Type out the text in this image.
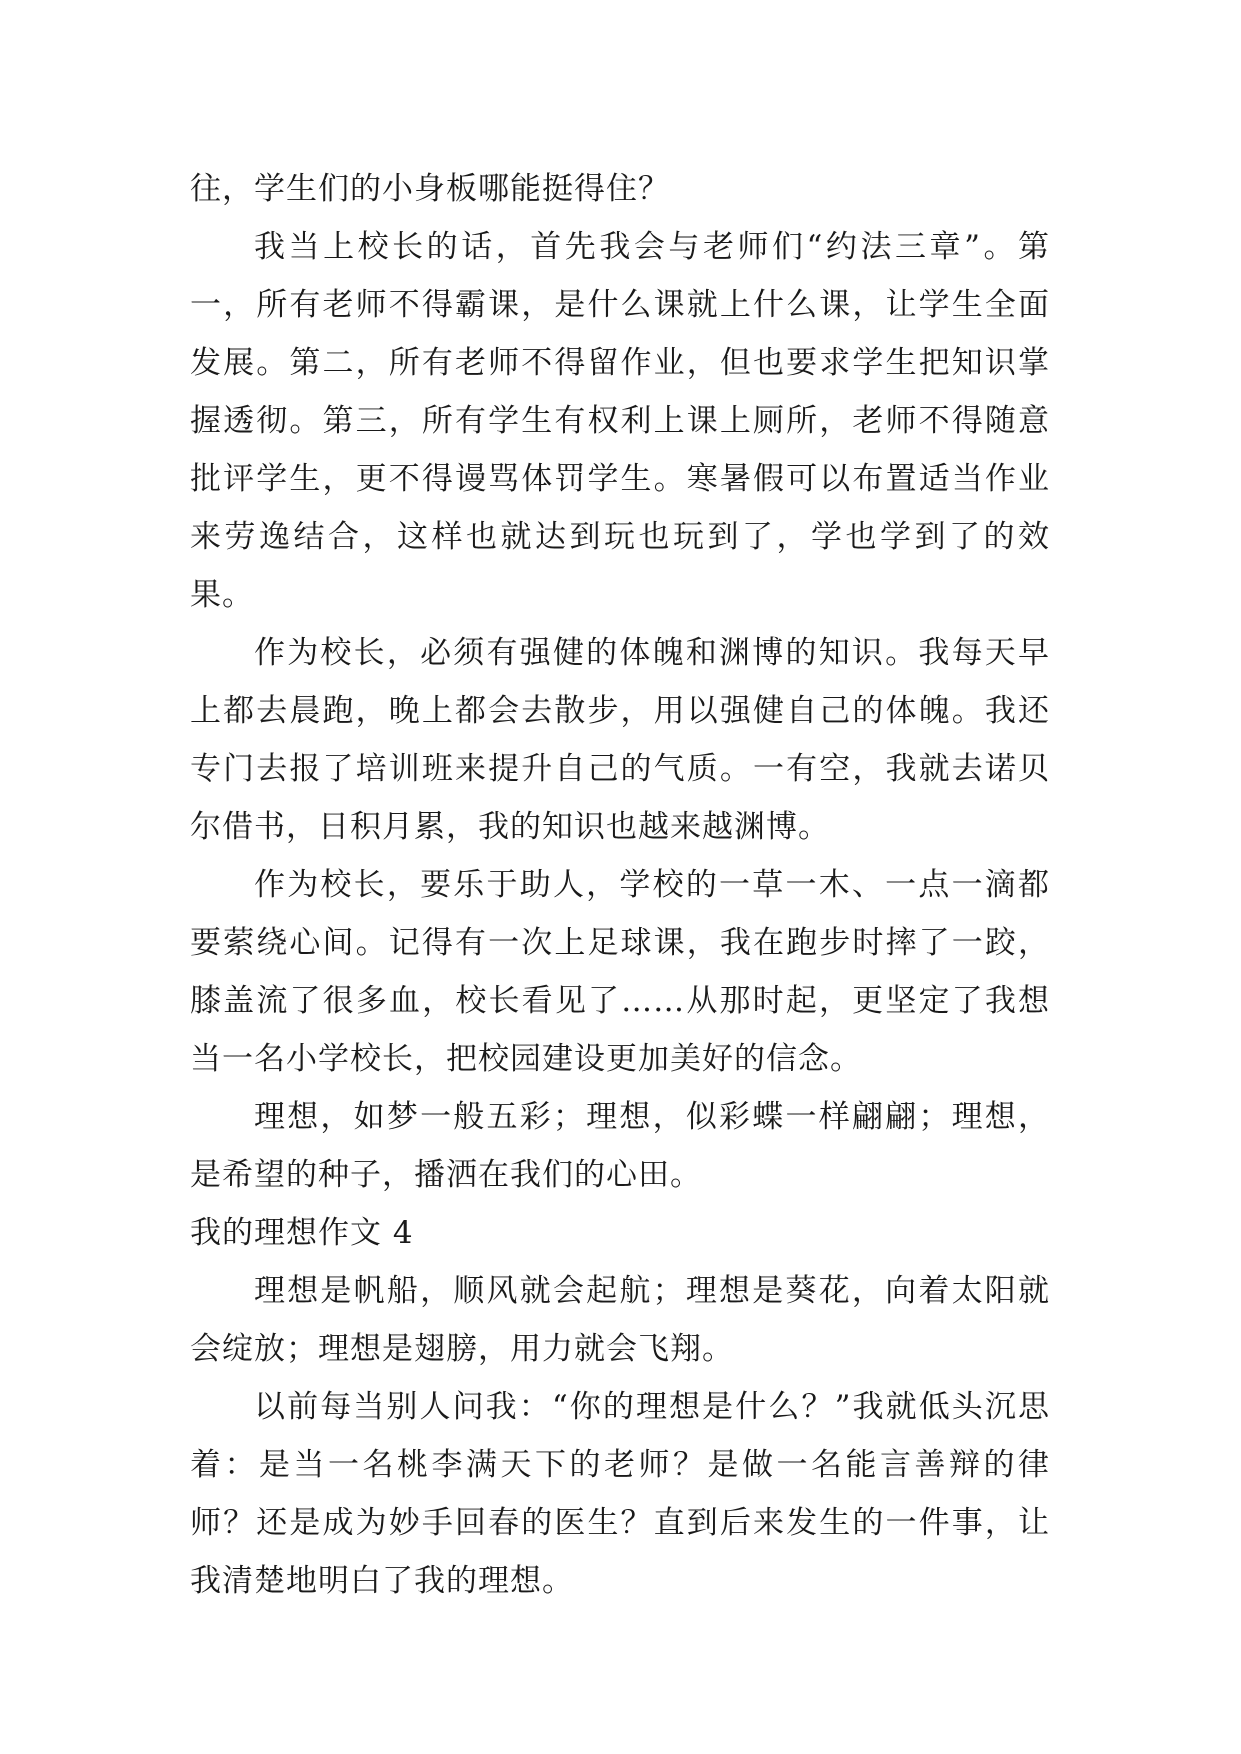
往，学生们的小身板哪能挺得住？

我当上校长的话，首先我会与老师们“约法三章”。第一，所有老师不得霸课，是什么课就上什么课，让学生全面发展。第二，所有老师不得留作业，但也要求学生把知识掌握透彻。第三，所有学生有权利上课上厕所，老师不得随意批评学生，更不得谩骂体罚学生。寒暑假可以布置适当作业来劳逸结合，这样也就达到玩也玩到了，学也学到了的效果。

作为校长，必须有强健的体魄和渊博的知识。我每天早上都去晨跑，晚上都会去散步，用以强健自己的体魄。我还专门去报了培训班来提升自己的气质。一有空，我就去诺贝尔借书，日积月累，我的知识也越来越渊博。

作为校长，要乐于助人，学校的一草一木、一点一滴都要萦绕心间。记得有一次上足球课，我在跑步时摔了一跤，膝盖流了很多血，校长看见了……从那时起，更坚定了我想当一名小学校长，把校园建设更加美好的信念。

理想，如梦一般五彩；理想，似彩蝶一样翩翩；理想，是希望的种子，播洒在我们的心田。

我的理想作文 4

理想是帆船，顺风就会起航；理想是葵花，向着太阳就会绽放；理想是翅膀，用力就会飞翔。

以前每当别人问我：“你的理想是什么？”我就低头沉思着：是当一名桃李满天下的老师？是做一名能言善辩的律师？还是成为妙手回春的医生？直到后来发生的一件事，让我清楚地明白了我的理想。
